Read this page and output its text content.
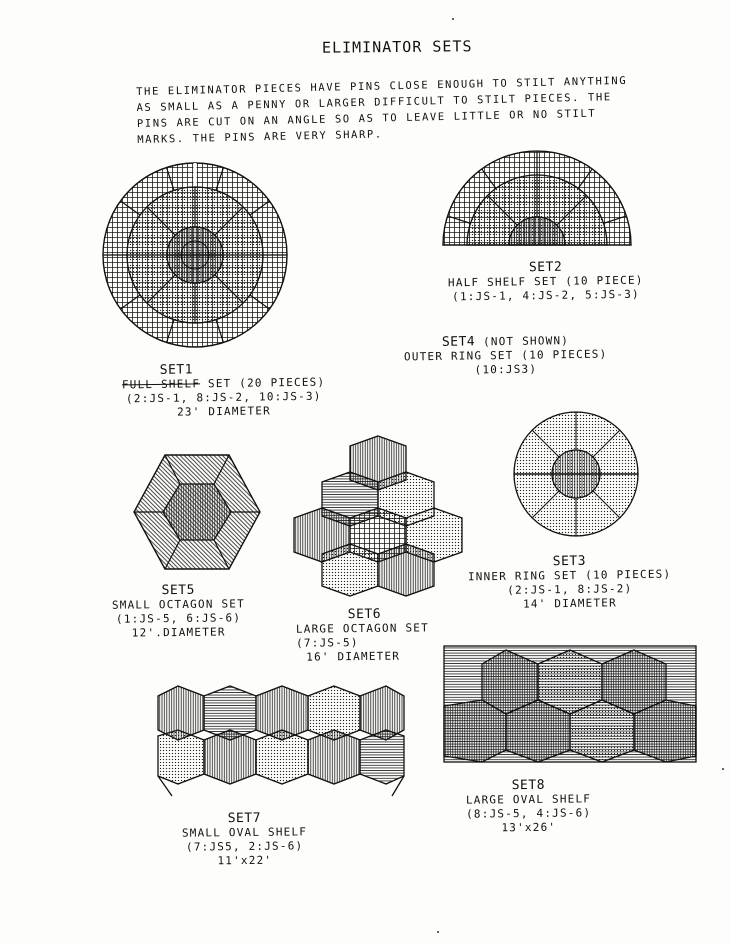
ELIMINATOR SETS
THE ELIMINATOR PIECES HAVE PINS CLOSE ENOUGH TO STILT ANYTHING
AS SMALL AS A PENNY OR LARGER DIFFICULT TO STILT PIECES. THE
PINS ARE CUT ON AN ANGLE SO AS TO LEAVE LITTLE OR NO STILT
MARKS. THE PINS ARE VERY SHARP.
SET1
FULL SHELF SET (20 PIECES)
(2:JS-1, 8:JS-2, 10:JS-3)
23' DIAMETER
SET2
HALF SHELF SET (10 PIECE)
(1:JS-1, 4:JS-2, 5:JS-3)
SET4 (NOT SHOWN)
OUTER RING SET (10 PIECES)
(10:JS3)
SET3
INNER RING SET (10 PIECES)
(2:JS-1, 8:JS-2)
14' DIAMETER
SET5
SMALL OCTAGON SET
(1:JS-5, 6:JS-6)
12'.DIAMETER
SET6
LARGE OCTAGON SET
(7:JS-5)
16' DIAMETER
SET7
SMALL OVAL SHELF
(7:JS5, 2:JS-6)
11'x22'
SET8
LARGE OVAL SHELF
(8:JS-5, 4:JS-6)
13'x26'
